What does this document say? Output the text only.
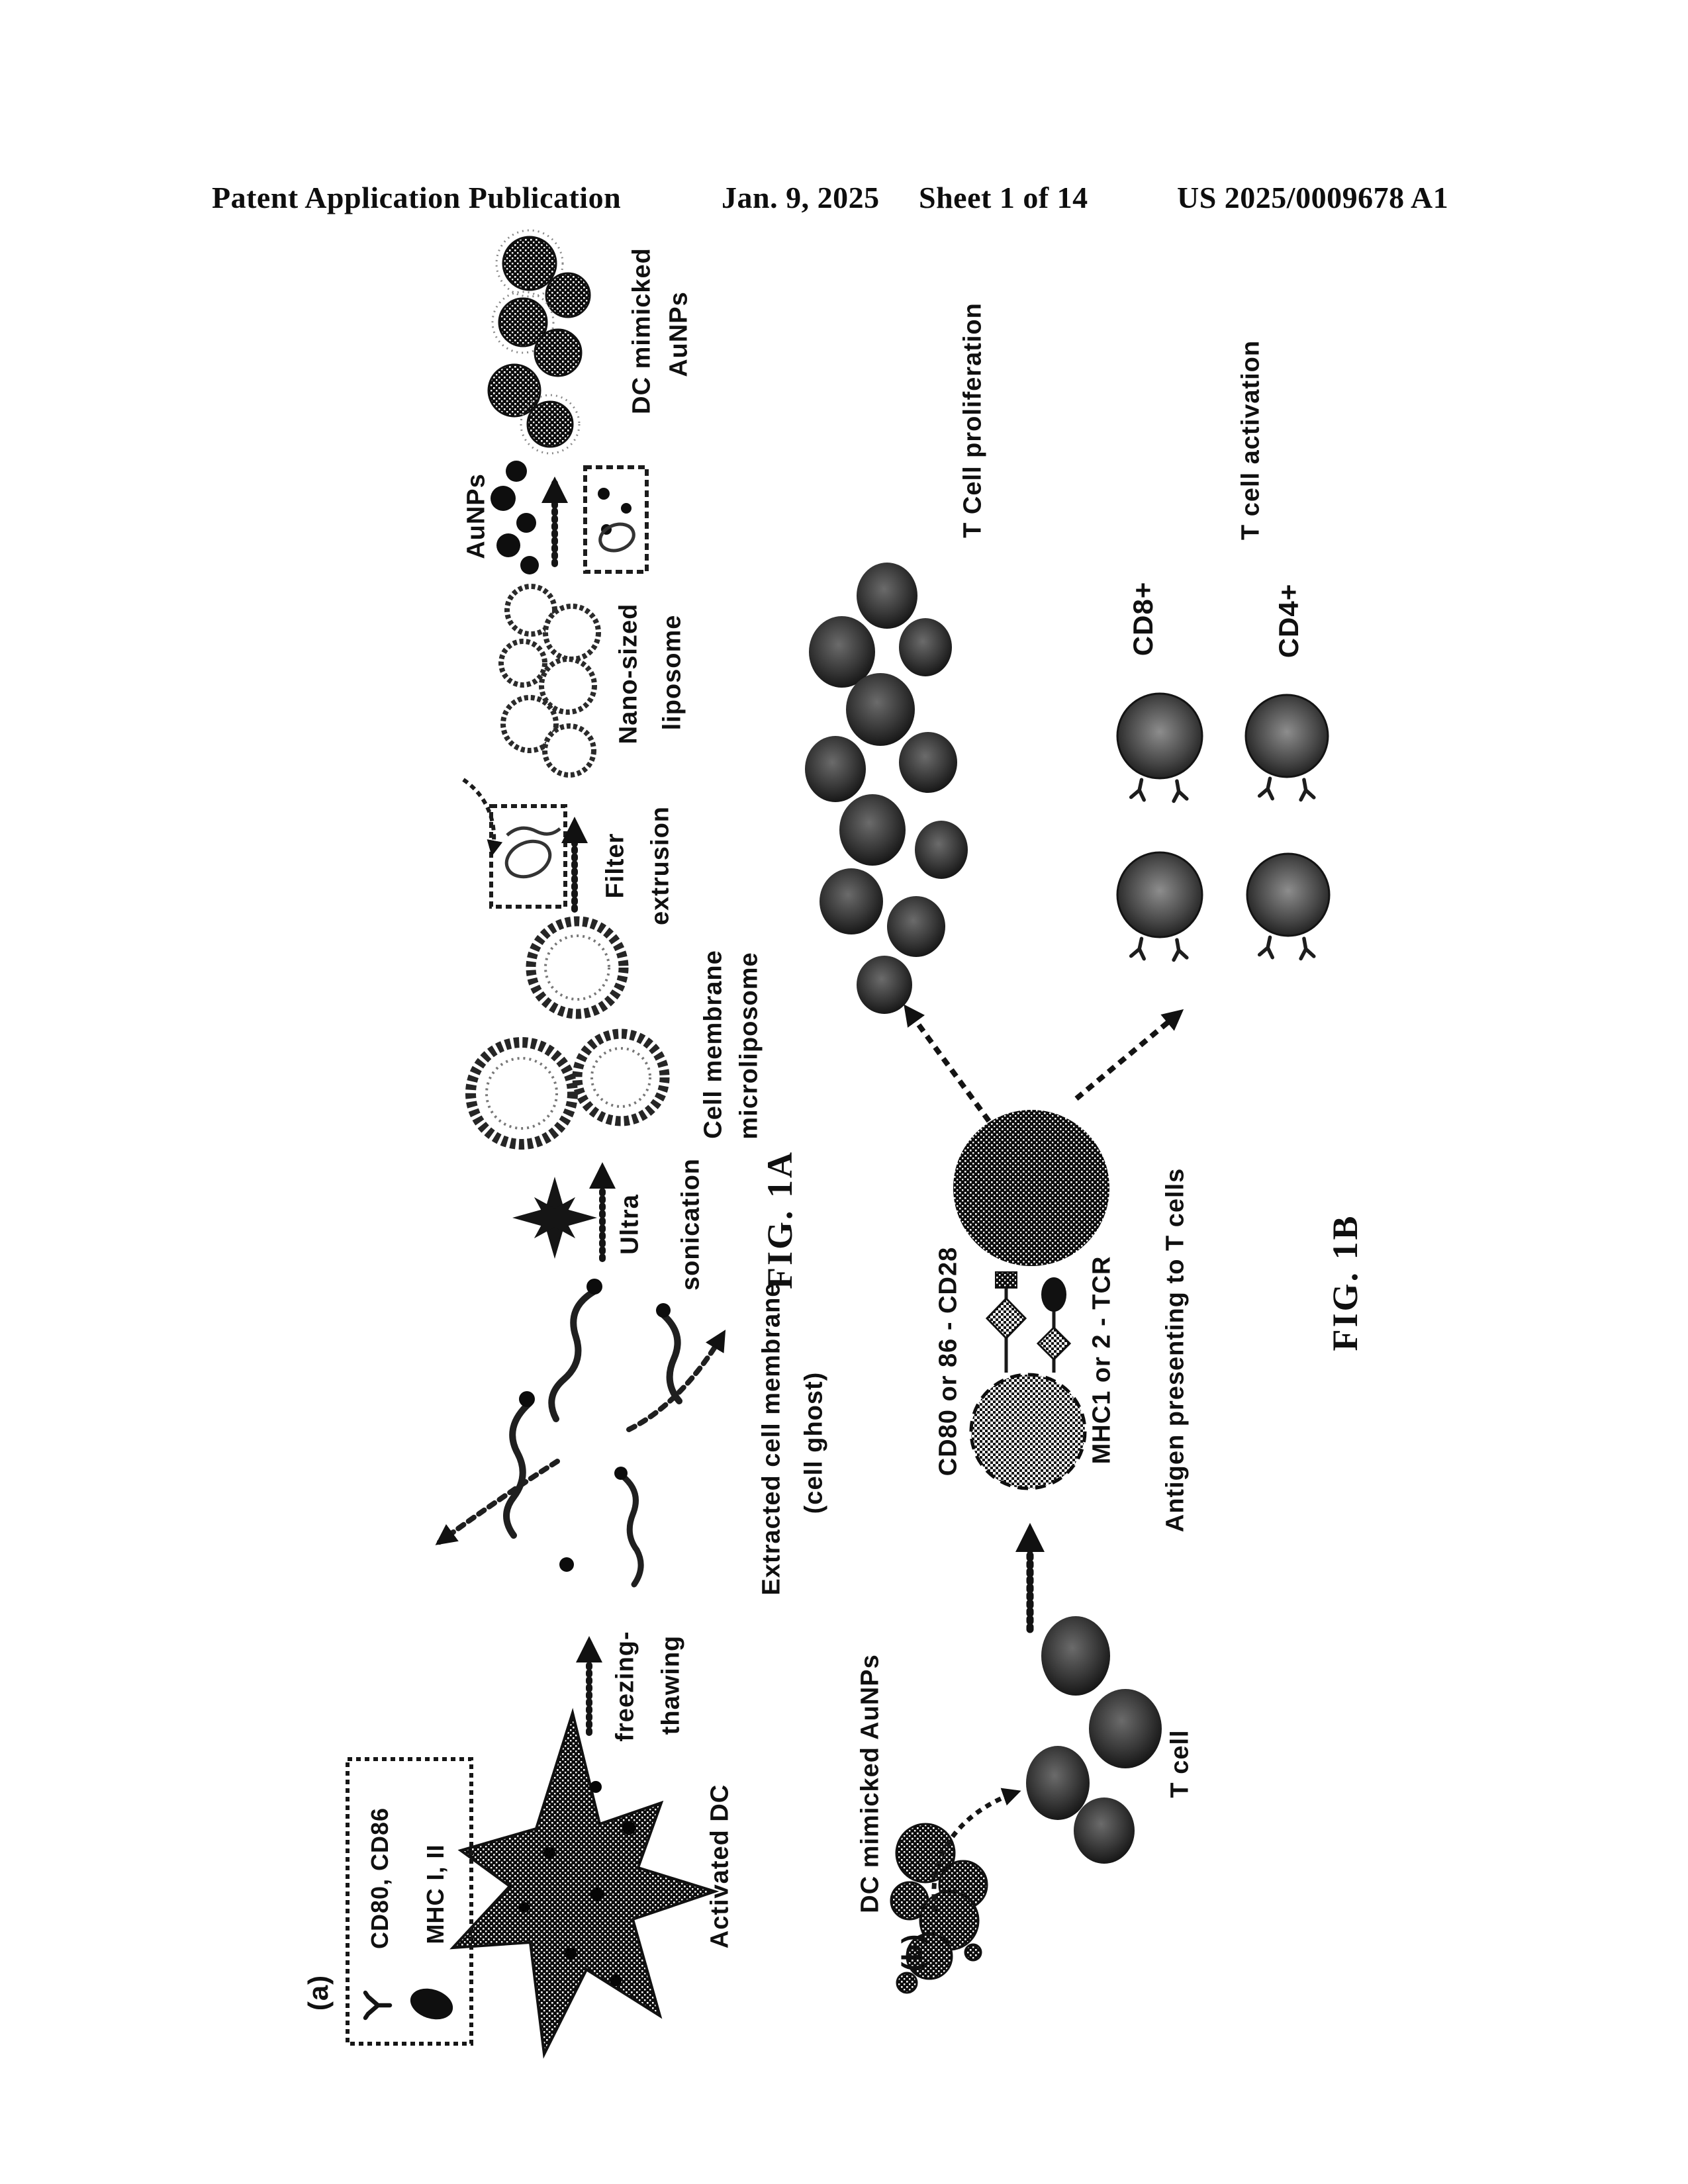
Patent Application Publication	Jan. 9, 2025 Sheet 1 of 14	US 2025/0009678 A1
DC mimicked AuNPs
AuNPs
Nano-sized liposome
Filter extrusion
Cell membrane microliposome
Ultra sonication
Extracted cell membrane (cell ghost)
freezing- thawing
Activated DC
CD80, CD86 MHC I, II
(a)
FIG. 1A
DC mimicked AuNPs	T cell
CD80 or 86 - CD28	MHC1 or 2 - TCR Antigen presenting to T cells
T Cell proliferation	T cell activation
CD8+	CD4+
(b)
FIG. 1B
